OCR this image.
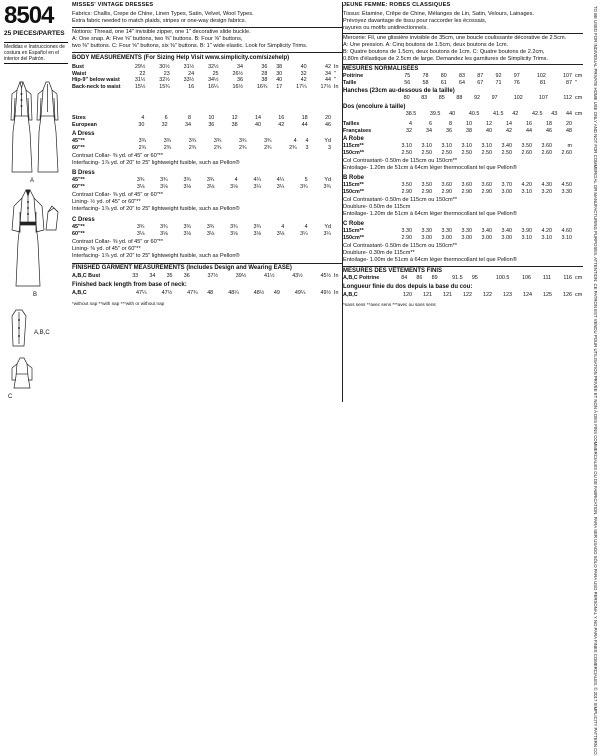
8504
25 PIECES/PARTES
Medidas e Instrucciones de costura en Español en el interior del Patrón.
A
B
A,B,C
C
MISSES' VINTAGE DRESSES
Fabrics: Challis, Crepe de Chine, Linen Types, Satin, Velvet, Wool Types.
Extra fabric needed to match plaids, stripes or one-way design fabrics.
Notions: Thread, one 14" invisible zipper, one 1" decorative slide buckle.
A: One snap. A: Five ⅝" buttons, two ⅜" buttons. B: Four ⅝" buttons,
two ⅜" buttons. C: Four ⅝" buttons, six ⅜" buttons. B: 1" wide elastic. Look for Simplicity Trims.
BODY MEASUREMENTS (For Sizing Help Visit www.simplicity.com/sizehelp)
Bust	29½	30½	31½	32½	34	36	38	40	42	In
Waist	22	23	24	25	26½	28	30	32	34	"
Hip-9" below waist	31½	32½	33½	34½	36	38	40	42	44	"
Back-neck to waist	15½	15¾	16	16¼	16½	16¾	17	17¼	17½	In
Sizes	4	6	8	10	12	14	16	18	20	
European	30	32	34	36	38	40	42	44	46	
A Dress
45"**	3¾	3¾	3¾	3¾	3¾	3¾	4	4	Yd	
60"**	2¾	2¾	2¾	2¾	2¾	2¾	2¾	3	3	
Contrast Collar- ⅜ yd. of 45" or 60"**
Interfacing- 1⅞ yd. of 20" to 25" lightweight fusible, such as Pellon®
B Dress
45"**	3¾	3¾	3¾	3¾	4	4¼	4¼	5	Yd	
60"**	3⅛	3⅛	3⅛	3⅛	3⅛	3¼	3¼	3¾	3¾	
Contrast Collar- ⅜ yd. of 45" or 60"**
Lining- ½ yd. of 45" or 60"**
Interfacing- 1⅞ yd. of 20" to 25" lightweight fusible, such as Pellon®
C Dress
45"**	3¾	3¾	3¾	3¾	3¾	3¾	4	4	Yd	
60"**	3⅛	3⅛	3⅛	3⅛	3⅛	3⅛	3⅛	3¼	3¼	
Contrast Collar- ⅜ yd. of 45" or 60"**
Lining- ⅜ yd. of 45" or 60"**
Interfacing- 1⅞ yd. of 20" to 25" lightweight fusible, such as Pellon®
FINISHED GARMENT MEASUREMENTS (Includes Design and Wearing EASE)
A,B,C Bust	33	34	35	36	37½	39½	41½	43½	45½	In
Finished back length from base of neck:
A,B,C	47¼	47½	47¾	48	48¼	48½	49	49¼	49½	In
*without nap **with nap ***with or without nap
JEUNE FEMME: ROBES CLASSIQUES
Tissus: Étamine, Crêpe de Chine, Mélanges de Lin, Satin, Velours, Lainages.
Prévoyez davantage de tissu pour raccorder les écossais,
rayures ou motifs unidirectionnels.
Mercerie: Fil, une glissière invisible de 35cm, une boucle coulissante décorative de 2.5cm.
A: Une pression. A: Cinq boutons de 1.5cm, deux boutons de 1cm.
B: Quatre boutons de 1.5cm, deux boutons de 1cm. C: Quatre boutons de 2.2cm,
0.80m d'élastique de 2.5cm de large. Demandez les garnitures de Simplicity Trims.
MESURES NORMALISÉES
Poitrine	75	78	80	83	87	92	97	102	107	cm
Taille	56	58	61	64	67	71	76	81	87	"
Hanches (23cm au-dessous de la taille)
	80	83	85	88	92	97	102	107	112	cm
Dos (encolure à taille)
	38.5	39.5	40	40.5	41.5	42	42.5	43	44	cm
Tailles	4	6	8	10	12	14	16	18	20	
Françaises	32	34	36	38	40	42	44	46	48	
A Robe
115cm**	3.10	3.10	3.10	3.10	3.10	3.40	3.50	3.60	m	
150cm**	2.50	2.50	2.50	2.50	2.50	2.50	2.60	2.60	2.60	
Col Contrastant- 0.50m de 115cm ou 150cm**
Entoilage- 1.20m de 51cm à 64cm léger thermocollant tel que Pellon®
B Robe
115cm**	3.50	3.50	3.60	3.60	3.60	3.70	4.20	4.30	4.50	
150cm**	2.90	2.90	2.90	2.90	2.90	3.00	3.10	3.20	3.30	
Col Contrastant- 0.50m de 115cm ou 150cm**
Doublure- 0.50m de 115cm
Entoilage- 1.20m de 51cm à 64cm léger thermocollant tel que Pellon®
C Robe
115cm**	3.30	3.30	3.30	3.30	3.40	3.40	3.90	4.20	4.60	
150cm**	2.90	3.00	3.00	3.00	3.00	3.00	3.10	3.10	3.10	
Col Contrastant- 0.50m de 115cm ou 150cm**
Doublure- 0.30m de 115cm**
Entoilage- 1.00m de 51cm à 64cm léger thermocollant tel que Pellon®
MESURES DES VÊTEMENTS FINIS
A,B,C Poitrine	84	86	89	91.5	95	100.5	106	111	116	cm
Longueur finie du dos depuis la base du cou:
A,B,C	120	121	121	122	122	123	124	125	126	cm
*sans sens **avec sens ***avec ou sans sens	TO BE USED FOR INDIVIDUAL PRIVATE HOME USE ONLY AND NOT FOR COMMERCIAL OR MANUFACTURING PURPOSES. ATTENTION: CE PATRON EST VENDU POUR UTILISATION PRIVÉE ET NON À DES FINS COMMERCIALES OU DE FABRICATION. PARA SER USADO SÓLO PARA USO PERSONAL Y NO PARA FINES COMERCIALES. © 2017 SIMPLICITY PATTERN CO.
